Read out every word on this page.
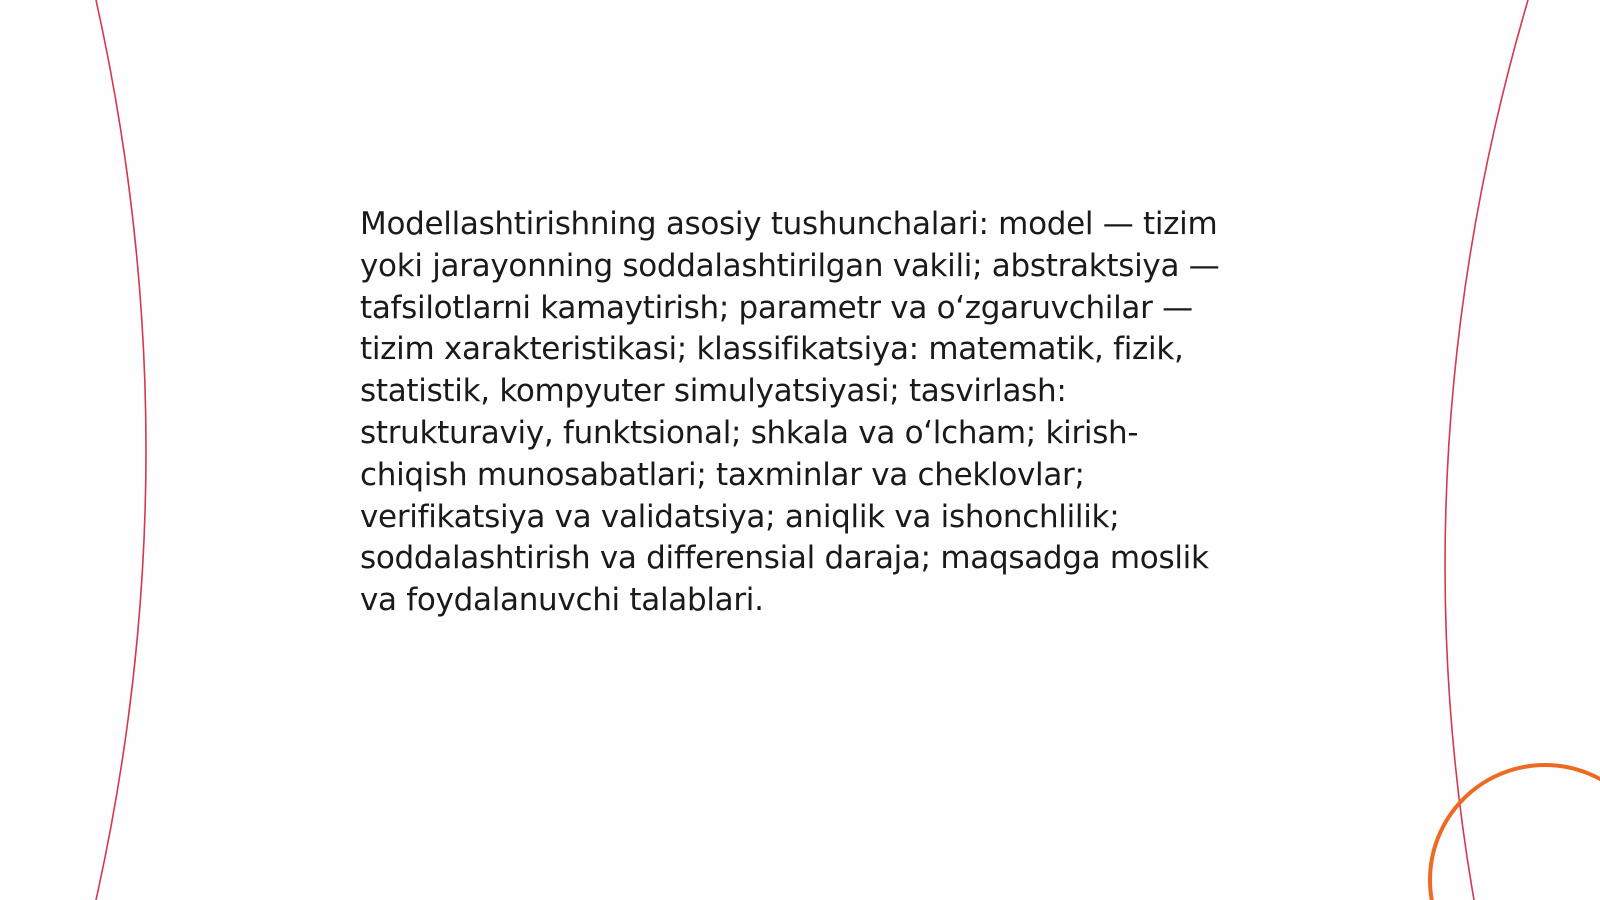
Modellashtirishning asosiy tushunchalari: model — tizim yoki jarayonning soddalashtirilgan vakili; abstraktsiya — tafsilotlarni kamaytirish; parametr va oʻzgaruvchilar — tizim xarakteristikasi; klassifikatsiya: matematik, fizik, statistik, kompyuter simulyatsiyasi; tasvirlash: strukturaviy, funktsional; shkala va oʻlcham; kirish-chiqish munosabatlari; taxminlar va cheklovlar; verifikatsiya va validatsiya; aniqlik va ishonchlilik; soddalashtirish va differensial daraja; maqsadga moslik va foydalanuvchi talablari.
